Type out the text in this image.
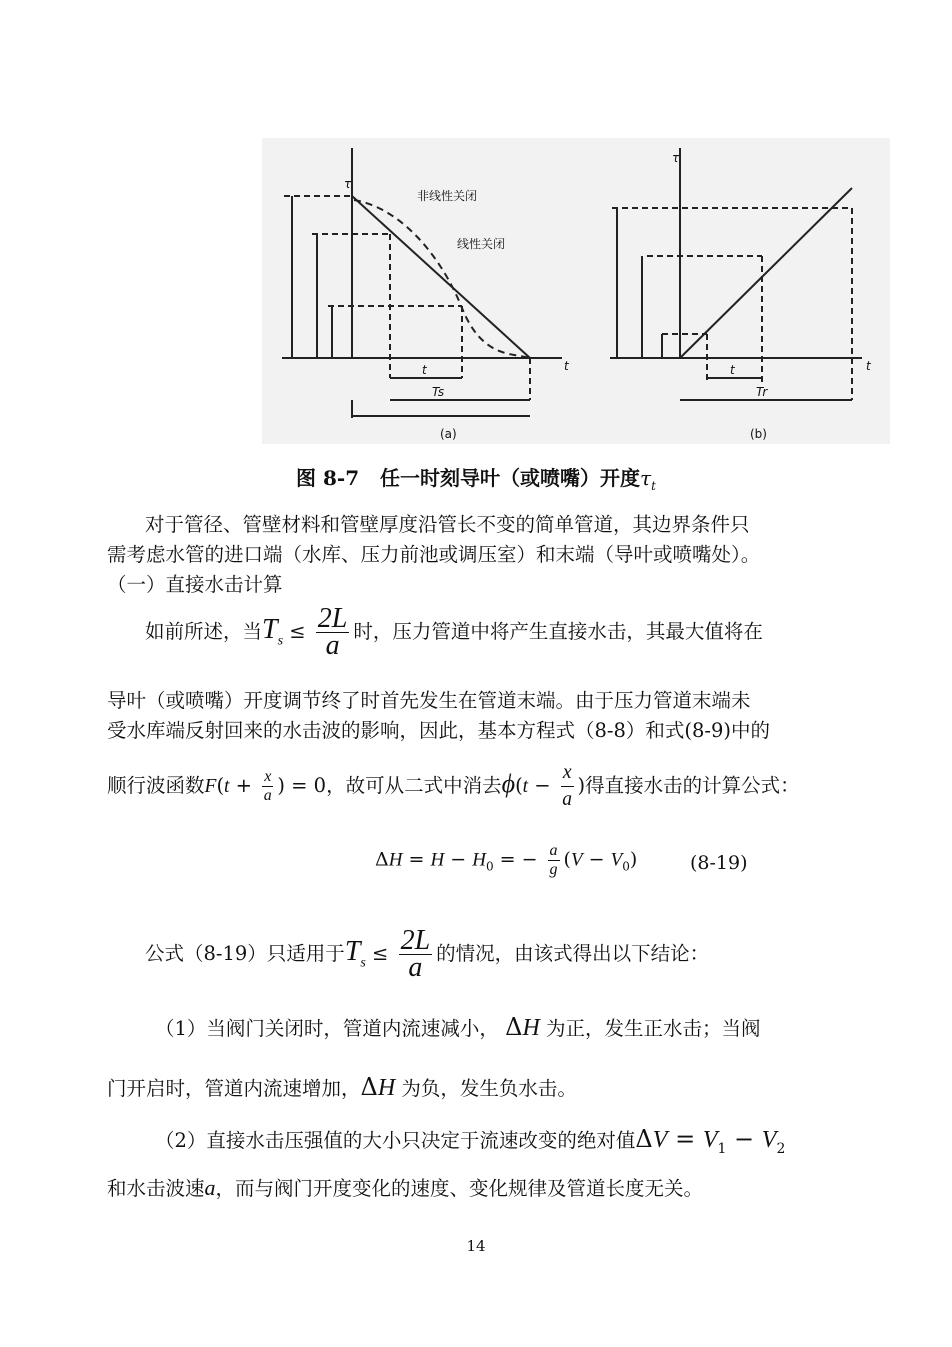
非线性关闭
线性关闭
τ
t
t
Ts
(a)
τ
t
t
Tr
(b)
图 8-7 任一时刻导叶（或喷嘴）开度$\tau_t$
对于管径、管壁材料和管壁厚度沿管长不变的简单管道，其边界条件只
需考虑水管的进口端（水库、压力前池或调压室）和末端（导叶或喷嘴处）。
（一）直接水击计算
如前所述，当$T_s \le \frac{2L}{a}$ 时，压力管道中将产生直接水击，其最大值将在
导叶（或喷嘴）开度调节终了时首先发生在管道末端。由于压力管道末端未
受水库端反射回来的水击波的影响，因此，基本方程式（8-8）和式(8-9)中的
顺行波函数$F(t + \frac{x}{a}$ ) = 0，故可从二式中消去$\phi(t - \frac{x}{a}$ )得直接水击的计算公式：
$\Delta H = H - H_0$ = − $\frac{a}{g} (V - V_0)$	(8-19)
公式（8-19）只适用于$T_s \le \frac{2L}{a}$ 的情况，由该式得出以下结论：
（1）当阀门关闭时，管道内流速减小， ΔH 为正，发生正水击；当阀
门开启时，管道内流速增加，ΔH 为负，发生负水击。
（2）直接水击压强值的大小只决定于流速改变的绝对值$\Delta V = V_1 - V_2$
和水击波速a，而与阀门开度变化的速度、变化规律及管道长度无关。
14
